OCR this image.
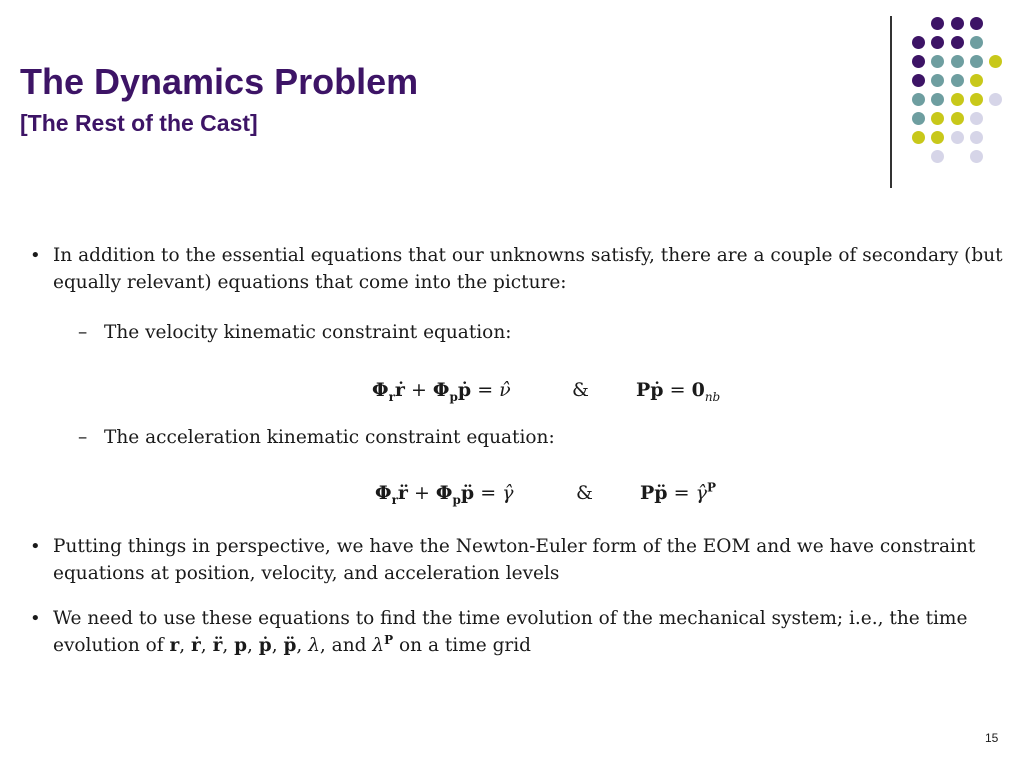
The Dynamics Problem
[The Rest of the Cast]
• In addition to the essential equations that our unknowns satisfy, there are a couple of secondary (but equally relevant) equations that come into the picture:
– The velocity kinematic constraint equation:
$\Phi_rṙ$ + $\Phi_pṗ$ = ν̂	& Pṗ = $0_{nb}$
– The acceleration kinematic constraint equation:
$\Phi_rr̈$ + $\Phi_pp̈$ = γ̂	& Pp̈ = γ̂$^P$
• Putting things in perspective, we have the Newton-Euler form of the EOM and we have constraint equations at position, velocity, and acceleration levels
• We need to use these equations to find the time evolution of the mechanical system; i.e., the time
evolution of r, ṙ, r̈, p, ṗ, p̈, λ, and $\lambda^P$ on a time grid
15
